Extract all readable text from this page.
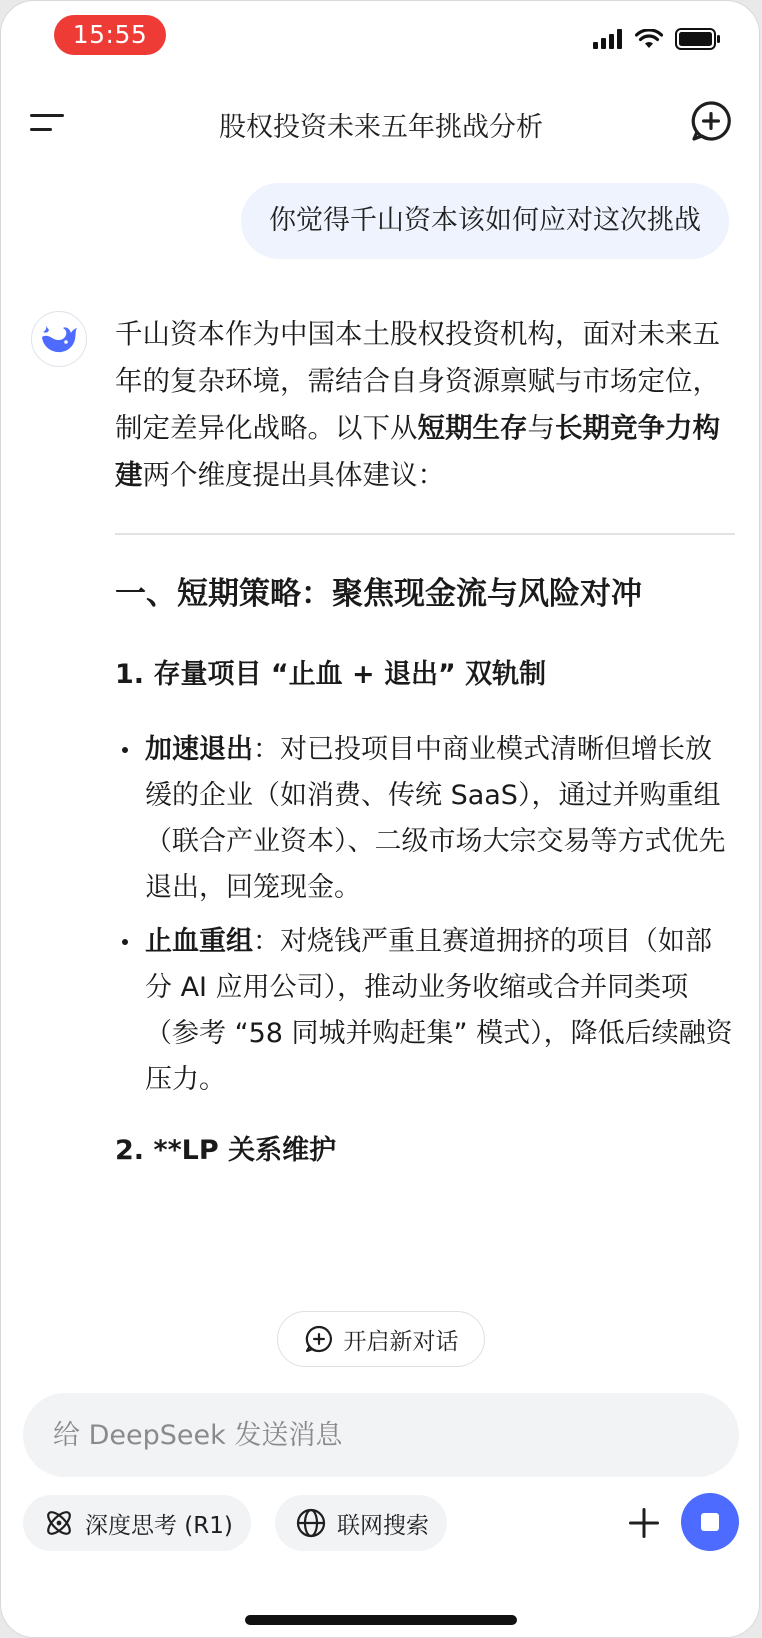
15:55
股权投资未来五年挑战分析
你觉得千山资本该如何应对这次挑战

千山资本作为中国本土股权投资机构，面对未来五年的复杂环境，需结合自身资源禀赋与市场定位，制定差异化战略。以下从短期生存与长期竞争力构建两个维度提出具体建议：

一、短期策略：聚焦现金流与风险对冲
1. 存量项目 “止血 + 退出” 双轨制
加速退出：对已投项目中商业模式清晰但增长放缓的企业（如消费、传统 SaaS），通过并购重组（联合产业资本）、二级市场大宗交易等方式优先退出，回笼现金。
止血重组：对烧钱严重且赛道拥挤的项目（如部分 AI 应用公司），推动业务收缩或合并同类项（参考 “58 同城并购赶集” 模式），降低后续融资压力。
2. **LP 关系维护
开启新对话
给 DeepSeek 发送消息
深度思考 (R1)	联网搜索
